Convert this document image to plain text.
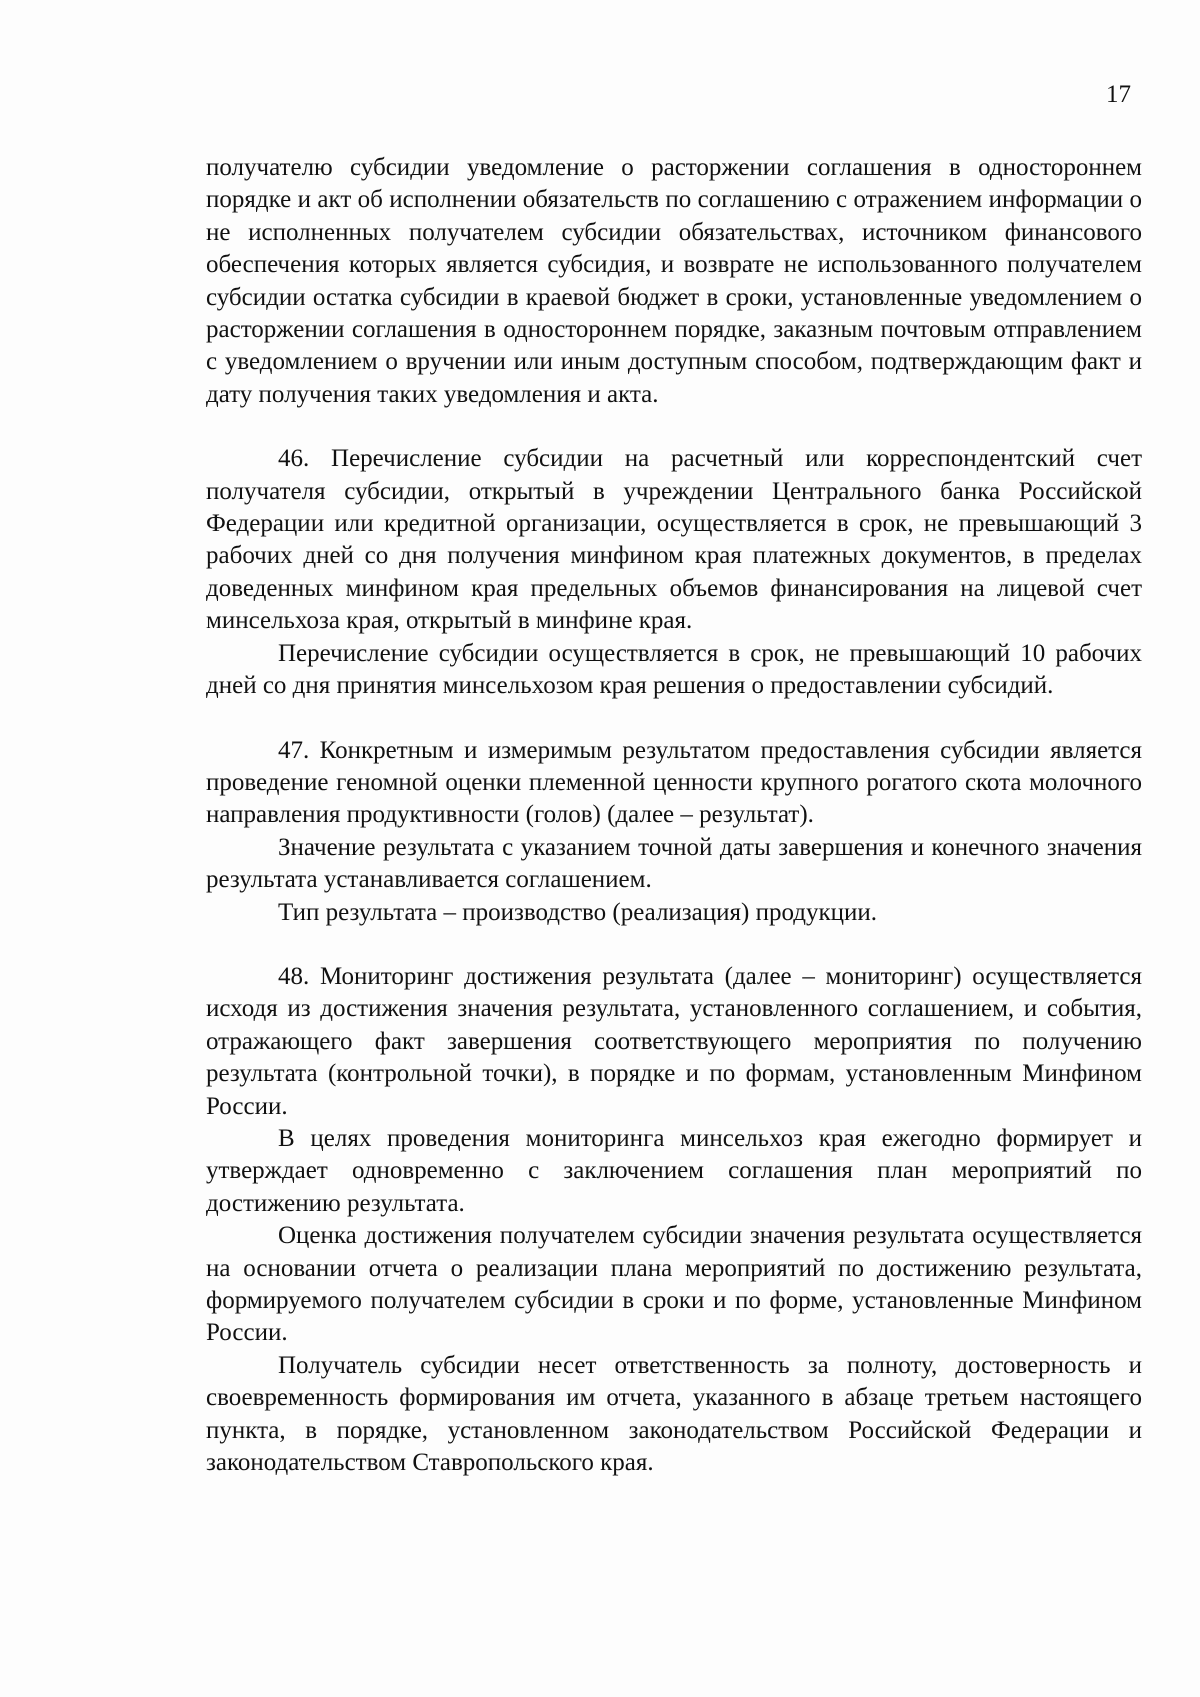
17

получателю субсидии уведомление о расторжении соглашения в одностороннем порядке и акт об исполнении обязательств по соглашению с отражением информации о не исполненных получателем субсидии обязательствах, источником финансового обеспечения которых является субсидия, и возврате не использованного получателем субсидии остатка субсидии в краевой бюджет в сроки, установленные уведомлением о расторжении соглашения в одностороннем порядке, заказным почтовым отправлением с уведомлением о вручении или иным доступным способом, подтверждающим факт и дату получения таких уведомления и акта.

46. Перечисление субсидии на расчетный или корреспондентский счет получателя субсидии, открытый в учреждении Центрального банка Российской Федерации или кредитной организации, осуществляется в срок, не превышающий 3 рабочих дней со дня получения минфином края платежных документов, в пределах доведенных минфином края предельных объемов финансирования на лицевой счет минсельхоза края, открытый в минфине края.

Перечисление субсидии осуществляется в срок, не превышающий 10 рабочих дней со дня принятия минсельхозом края решения о предоставлении субсидий.

47. Конкретным и измеримым результатом предоставления субсидии является проведение геномной оценки племенной ценности крупного рогатого скота молочного направления продуктивности (голов) (далее – результат).

Значение результата с указанием точной даты завершения и конечного значения результата устанавливается соглашением.

Тип результата – производство (реализация) продукции.

48. Мониторинг достижения результата (далее – мониторинг) осуществляется исходя из достижения значения результата, установленного соглашением, и события, отражающего факт завершения соответствующего мероприятия по получению результата (контрольной точки), в порядке и по формам, установленным Минфином России.

В целях проведения мониторинга минсельхоз края ежегодно формирует и утверждает одновременно с заключением соглашения план мероприятий по достижению результата.

Оценка достижения получателем субсидии значения результата осуществляется на основании отчета о реализации плана мероприятий по достижению результата, формируемого получателем субсидии в сроки и по форме, установленные Минфином России.

Получатель субсидии несет ответственность за полноту, достоверность и своевременность формирования им отчета, указанного в абзаце третьем настоящего пункта, в порядке, установленном законодательством Российской Федерации и законодательством Ставропольского края.
